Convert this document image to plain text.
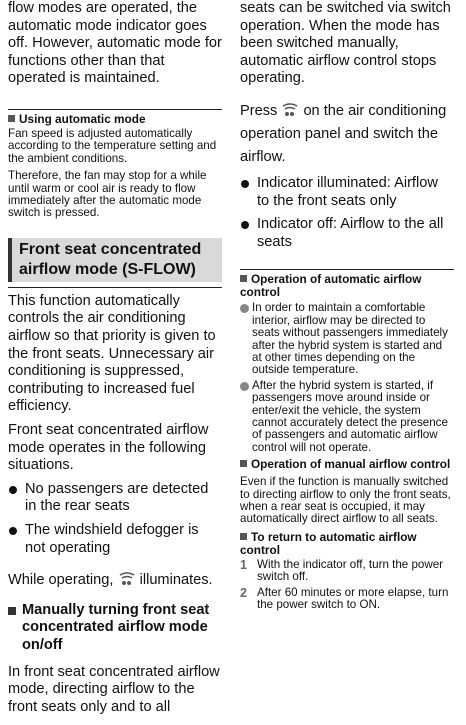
flow modes are operated, the automatic mode indicator goes off. However, automatic mode for functions other than that operated is maintained.

Using automatic mode

Fan speed is adjusted automatically according to the temperature setting and the ambient conditions.

Therefore, the fan may stop for a while until warm or cool air is ready to flow immediately after the automatic mode switch is pressed.

Front seat concentrated
airflow mode (S-FLOW)

This function automatically controls the air conditioning airflow so that priority is given to the front seats. Unnecessary air conditioning is suppressed, contributing to increased fuel efficiency.

Front seat concentrated airflow mode operates in the following situations.

No passengers are detected in the rear seats
The windshield defogger is not operating

While operating, illuminates.

Manually turning front seat concentrated airflow mode on/off

In front seat concentrated airflow mode, directing airflow to the front seats only and to all

seats can be switched via switch operation. When the mode has been switched manually, automatic airflow control stops operating.

Press on the air conditioning operation panel and switch the airflow.

Indicator illuminated: Airflow to the front seats only
Indicator off: Airflow to the all seats

Operation of automatic airflow control

In order to maintain a comfortable interior, airflow may be directed to seats without passengers immediately after the hybrid system is started and at other times depending on the outside temperature.
After the hybrid system is started, if passengers move around inside or enter/exit the vehicle, the system cannot accurately detect the presence of passengers and automatic airflow control will not operate.

Operation of manual airflow control

Even if the function is manually switched to directing airflow to only the front seats, when a rear seat is occupied, it may automatically direct airflow to all seats.

To return to automatic airflow control

1 With the indicator off, turn the power switch off.
2 After 60 minutes or more elapse, turn the power switch to ON.
